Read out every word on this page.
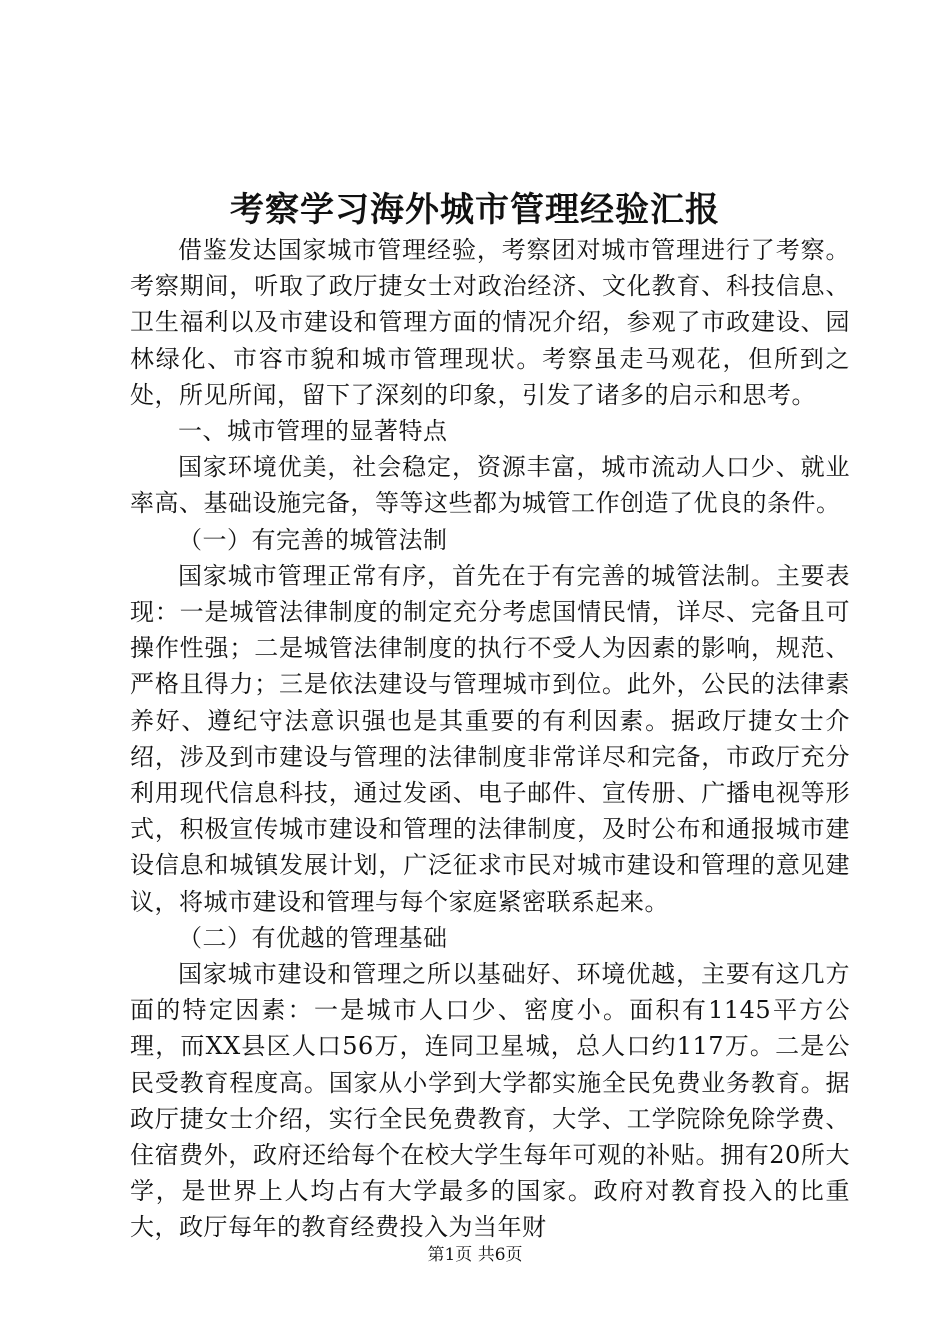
考察学习海外城市管理经验汇报

借鉴发达国家城市管理经验，考察团对城市管理进行了考察。考察期间，听取了政厅捷女士对政治经济、文化教育、科技信息、卫生福利以及市建设和管理方面的情况介绍，参观了市政建设、园林绿化、市容市貌和城市管理现状。考察虽走马观花，但所到之处，所见所闻，留下了深刻的印象，引发了诸多的启示和思考。

一、城市管理的显著特点

国家环境优美，社会稳定，资源丰富，城市流动人口少、就业率高、基础设施完备，等等这些都为城管工作创造了优良的条件。

（一）有完善的城管法制

国家城市管理正常有序，首先在于有完善的城管法制。主要表现：一是城管法律制度的制定充分考虑国情民情，详尽、完备且可操作性强；二是城管法律制度的执行不受人为因素的影响，规范、严格且得力；三是依法建设与管理城市到位。此外，公民的法律素养好、遵纪守法意识强也是其重要的有利因素。据政厅捷女士介绍，涉及到市建设与管理的法律制度非常详尽和完备，市政厅充分利用现代信息科技，通过发函、电子邮件、宣传册、广播电视等形式，积极宣传城市建设和管理的法律制度，及时公布和通报城市建设信息和城镇发展计划，广泛征求市民对城市建设和管理的意见建议，将城市建设和管理与每个家庭紧密联系起来。

（二）有优越的管理基础

国家城市建设和管理之所以基础好、环境优越，主要有这几方面的特定因素：一是城市人口少、密度小。面积有1145平方公理，而XX县区人口56万，连同卫星城，总人口约117万。二是公民受教育程度高。国家从小学到大学都实施全民免费业务教育。据政厅捷女士介绍，实行全民免费教育，大学、工学院除免除学费、住宿费外，政府还给每个在校大学生每年可观的补贴。拥有20所大学，是世界上人均占有大学最多的国家。政府对教育投入的比重大，政厅每年的教育经费投入为当年财

第1页 共6页
